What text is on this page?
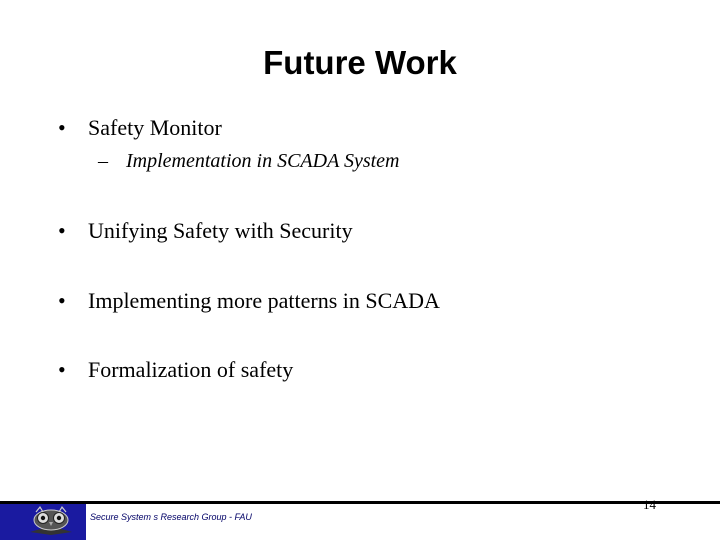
Future Work
• Safety Monitor
– Implementation in SCADA System
• Unifying Safety with Security
• Implementing more patterns in SCADA
• Formalization of safety
Secure System s Research Group - FAU
14
